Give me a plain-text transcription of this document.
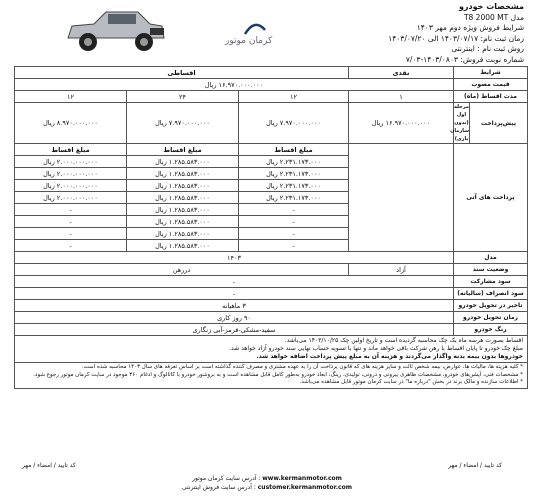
کرمان موتور
مشخصات خودرو
مدل T8 2000 MT
شرایط فروش ویژه دوم مهر ۱۴۰۳
زمان ثبت نام: ۱۴۰۳/۰۷/۱۷ الی ۱۴۰۳/۰۷/۲۰
روش ثبت نام : اینترنتی
شماره نوبت فروش: ۱۴۰۳/۰۸۰۳-۷/۰۳
شرایط		نقدی	اقساطی		
قیمت مصوب		۱۶.۹۷۰.۰۰۰.۰۰۰ ریال			
مدت اقساط (ماه)		۱	۱۲	۲۴	۱۲
پیش‌پرداخت	مرحله اول (بدون سازمان یاری)	۱۶.۹۷۰.۰۰۰.۰۰۰ ریال	۷.۹۷۰.۰۰۰.۰۰۰ ریال	۷.۹۷۰.۰۰۰.۰۰۰ ریال	۸.۹۷۰.۰۰۰.۰۰۰ ریال
پرداخت های آتی			مبلغ اقساط	مبلغ اقساط	مبلغ اقساط
			۲.۲۳۱.۱۷۳.۰۰۰ ریال	۱.۲۸۵.۵۸۳.۰۰۰ ریال	۲.۰۰۰.۰۰۰.۰۰۰ ریال
			۲.۲۳۱.۱۷۳.۰۰۰ ریال	۱.۲۸۵.۵۸۳.۰۰۰ ریال	۲.۰۰۰.۰۰۰.۰۰۰ ریال
			۲.۲۳۱.۱۷۳.۰۰۰ ریال	۱.۲۸۵.۵۸۳.۰۰۰ ریال	۲.۰۰۰.۰۰۰.۰۰۰ ریال
			۲.۲۳۱.۱۷۳.۰۰۰ ریال	۱.۲۸۵.۵۸۳.۰۰۰ ریال	۲.۰۰۰.۰۰۰.۰۰۰ ریال
			-	۱.۲۸۵.۵۸۳.۰۰۰ ریال	-
			-	۱.۲۸۵.۵۸۳.۰۰۰ ریال	-
			-	۱.۲۸۵.۵۸۳.۰۰۰ ریال	-
			-	۱.۲۸۵.۵۸۳.۰۰۰ ریال	-
مدل		۱۴۰۳			
وضعیت سند		آزاد	دررهن		
سود مشارکت		-			
سود انصراف (سالیانه)		-			
تاخیر در تحویل خودرو		۳ ماهیانه			
زمان تحویل خودرو		۹۰ روز کاری			
رنگ خودرو		سفید-مشکی-قرمز-آبی زنگاری			

اقساط بصورت هرسه ماه یک چک محاسبه گردیده است و تاریخ اولین چک ۱۴۰۳/۱۰/۲۵ می‌باشد.
مبلغ چک خودرو تا پایان اقساط با رهن شرکت باقی خواهد ماند و تنها با تسویه حساب نهایی سند خودرو آزاد خواهد شد.
خودروها بدون بیمه بدنه واگذار می‌گردند و هزینه آن به مبلغ پیش پرداخت اضافه خواهد شد.					

* کلیه هزینه ها، مالیات ها، عوارض، بیمه شخص ثالث و سایر هزینه های که قانون پرداخت آن را به عهده مشتری و مصرف کننده گذاشته است بر اساس تعرفه های سال ۱۴۰۳ محاسبه شده است.
* مشخصات فنی، آپشن‌های خودرو، مشخصات ظاهری بیرونی و درونی، تولیدی، رینگ، ابعاد خودرو به‌طور کامل قابل مشاهده است و به بروشور خودرو با کاتالوگ و ادغام ۳۶۰ موجود در سایت کرمان موتور رجوع شود.
* اطلاعات سازنده و مالک برند در بخش "درباره ما" در سایت کرمان موتور قابل مشاهده می‌باشد.					
کد تایید / امضاء / مهر	کد تایید / امضاء / مهر
آدرس سایت کرمان موتور : www.kermanmotor.com
آدرس سایت فروش اینترنتی : customer.kermanmotor.com
